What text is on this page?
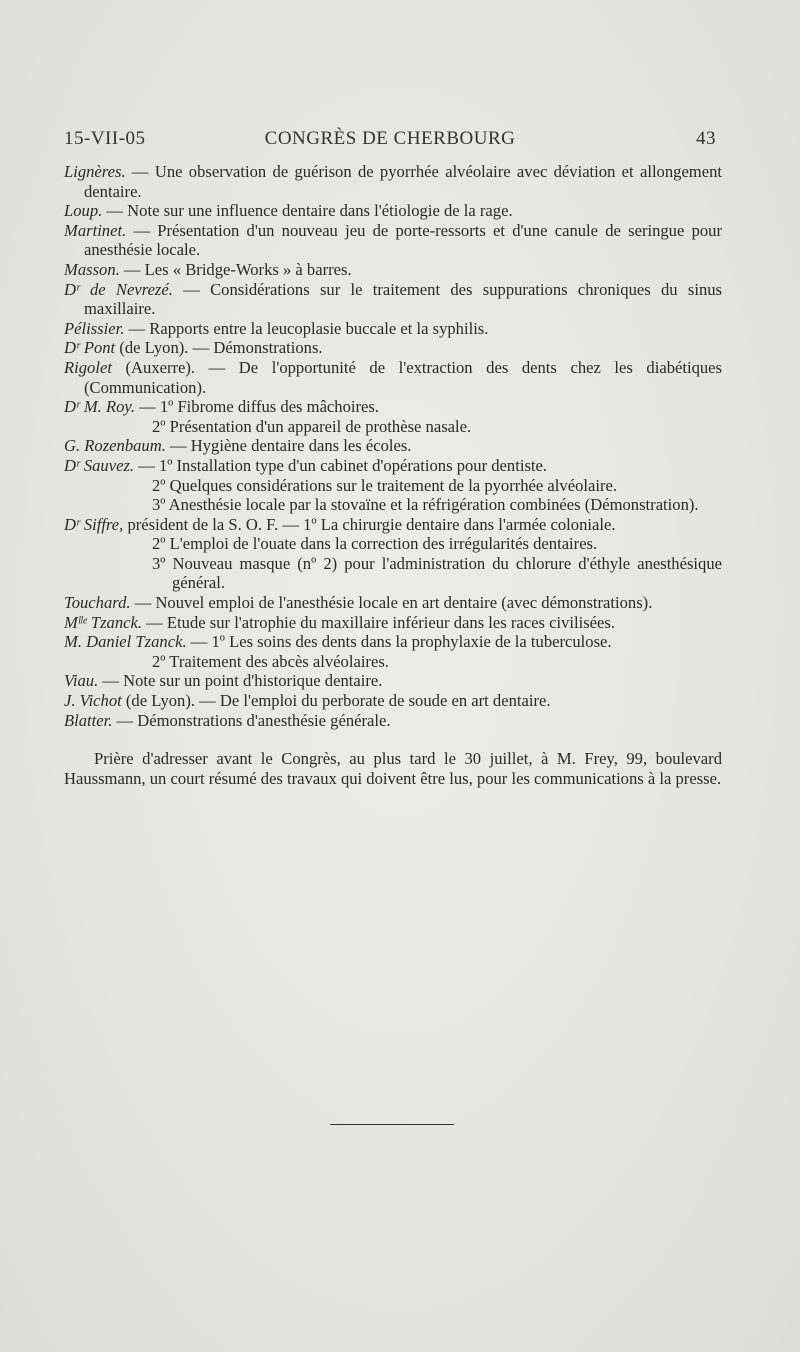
15-VII-05	CONGRÈS DE CHERBOURG	43

Lignères. — Une observation de guérison de pyorrhée alvéolaire avec déviation et allongement dentaire.

Loup. — Note sur une influence dentaire dans l'étiologie de la rage.

Martinet. — Présentation d'un nouveau jeu de porte-ressorts et d'une canule de seringue pour anesthésie locale.

Masson. — Les « Bridge-Works » à barres.

Dʳ de Nevrezé. — Considérations sur le traitement des suppurations chroniques du sinus maxillaire.

Pélissier. — Rapports entre la leucoplasie buccale et la syphilis.

Dʳ Pont (de Lyon). — Démonstrations.

Rigolet (Auxerre). — De l'opportunité de l'extraction des dents chez les diabétiques (Communication).

Dʳ M. Roy. — 1º Fibrome diffus des mâchoires.

2º Présentation d'un appareil de prothèse nasale.

G. Rozenbaum. — Hygiène dentaire dans les écoles.

Dʳ Sauvez. — 1º Installation type d'un cabinet d'opérations pour dentiste.

2º Quelques considérations sur le traitement de la pyorrhée alvéolaire.

3º Anesthésie locale par la stovaïne et la réfrigération combinées (Démonstration).

Dʳ Siffre, président de la S. O. F. — 1º La chirurgie dentaire dans l'armée coloniale.

2º L'emploi de l'ouate dans la correction des irrégularités dentaires.

3º Nouveau masque (nº 2) pour l'administration du chlorure d'éthyle anesthésique général.

Touchard. — Nouvel emploi de l'anesthésie locale en art dentaire (avec démonstrations).

Mˡˡᵉ Tzanck. — Etude sur l'atrophie du maxillaire inférieur dans les races civilisées.

M. Daniel Tzanck. — 1º Les soins des dents dans la prophylaxie de la tuberculose.

2º Traitement des abcès alvéolaires.

Viau. — Note sur un point d'historique dentaire.

J. Vichot (de Lyon). — De l'emploi du perborate de soude en art dentaire.

Blatter. — Démonstrations d'anesthésie générale.

Prière d'adresser avant le Congrès, au plus tard le 30 juillet, à M. Frey, 99, boulevard Haussmann, un court résumé des travaux qui doivent être lus, pour les communications à la presse.
